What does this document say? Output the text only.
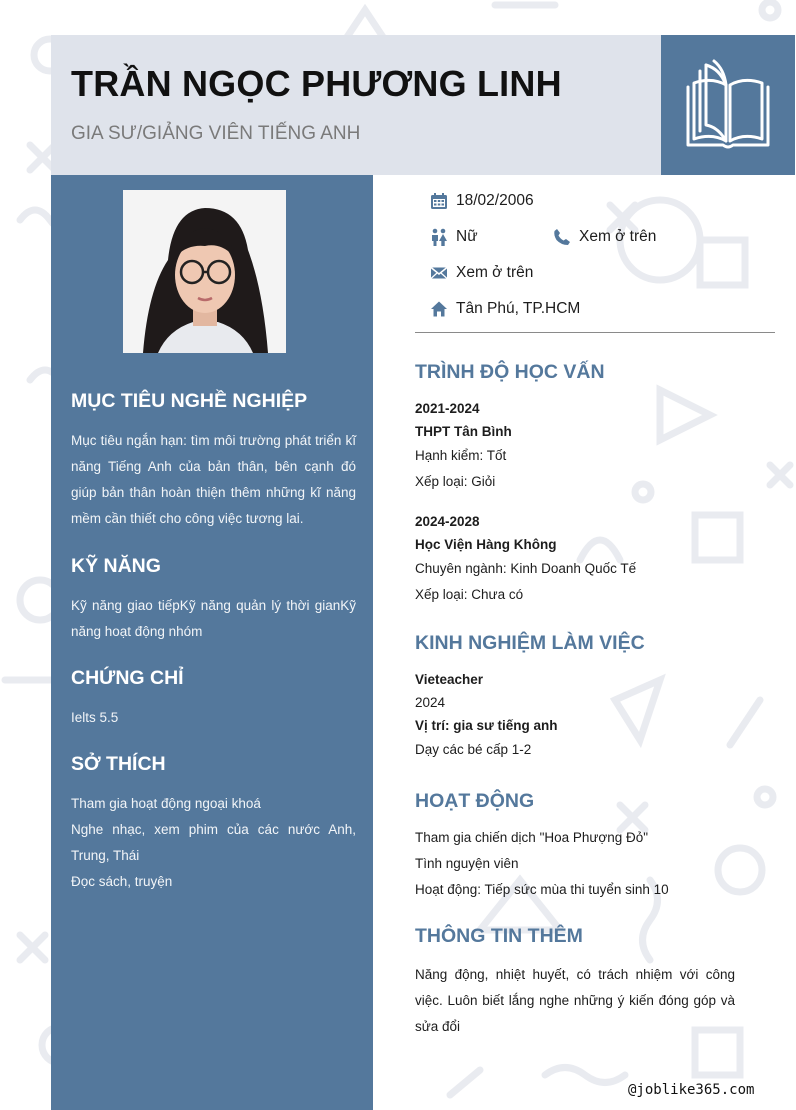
TRẦN NGỌC PHƯƠNG LINH
GIA SƯ/GIẢNG VIÊN TIẾNG ANH
MỤC TIÊU NGHỀ NGHIỆP
Mục tiêu ngắn hạn: tìm môi trường phát triển kĩ năng Tiếng Anh của bản thân, bên cạnh đó giúp bản thân hoàn thiện thêm những kĩ năng mềm cần thiết cho công việc tương lai.
KỸ NĂNG
Kỹ năng giao tiếpKỹ năng quản lý thời gianKỹ năng hoạt động nhóm
CHỨNG CHỈ
Ielts 5.5
SỞ THÍCH
Tham gia hoạt động ngoại khoá
Nghe nhạc, xem phim của các nước Anh, Trung, Thái
Đọc sách, truyện
18/02/2006
Nữ	Xem ở trên
Xem ở trên
Tân Phú, TP.HCM
TRÌNH ĐỘ HỌC VẤN
2021-2024
THPT Tân Bình
Hạnh kiểm: Tốt
Xếp loại: Giỏi
2024-2028
Học Viện Hàng Không
Chuyên ngành: Kinh Doanh Quốc Tế
Xếp loại: Chưa có
KINH NGHIỆM LÀM VIỆC
Vieteacher
2024
Vị trí: gia sư tiếng anh
Dạy các bé cấp 1-2
HOẠT ĐỘNG
Tham gia chiến dịch "Hoa Phượng Đỏ"
Tình nguyện viên
Hoạt động: Tiếp sức mùa thi tuyển sinh 10
THÔNG TIN THÊM
Năng động, nhiệt huyết, có trách nhiệm với công việc. Luôn biết lắng nghe những ý kiến đóng góp và sửa đổi
@joblike365.com
